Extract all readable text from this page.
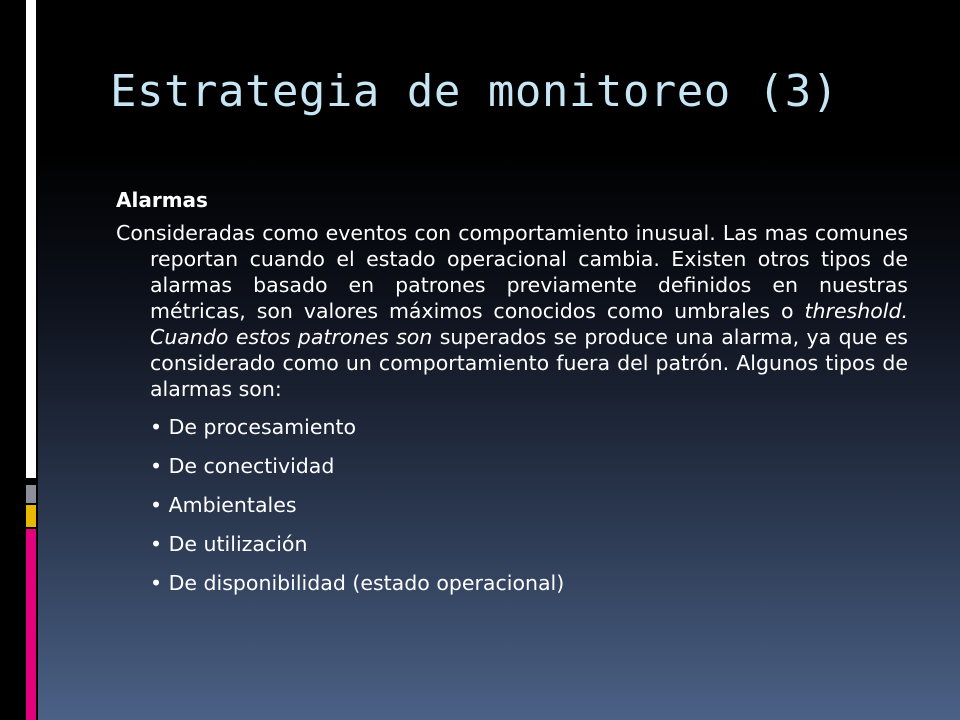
Estrategia de monitoreo (3)
Alarmas

Consideradas como eventos con comportamiento inusual. Las mas comunes reportan cuando el estado operacional cambia. Existen otros tipos de alarmas basado en patrones previamente definidos en nuestras métricas, son valores máximos conocidos como umbrales o threshold. Cuando estos patrones son superados se produce una alarma, ya que es considerado como un comportamiento fuera del patrón. Algunos tipos de alarmas son:

• De procesamiento
• De conectividad
• Ambientales
• De utilización
• De disponibilidad (estado operacional)
